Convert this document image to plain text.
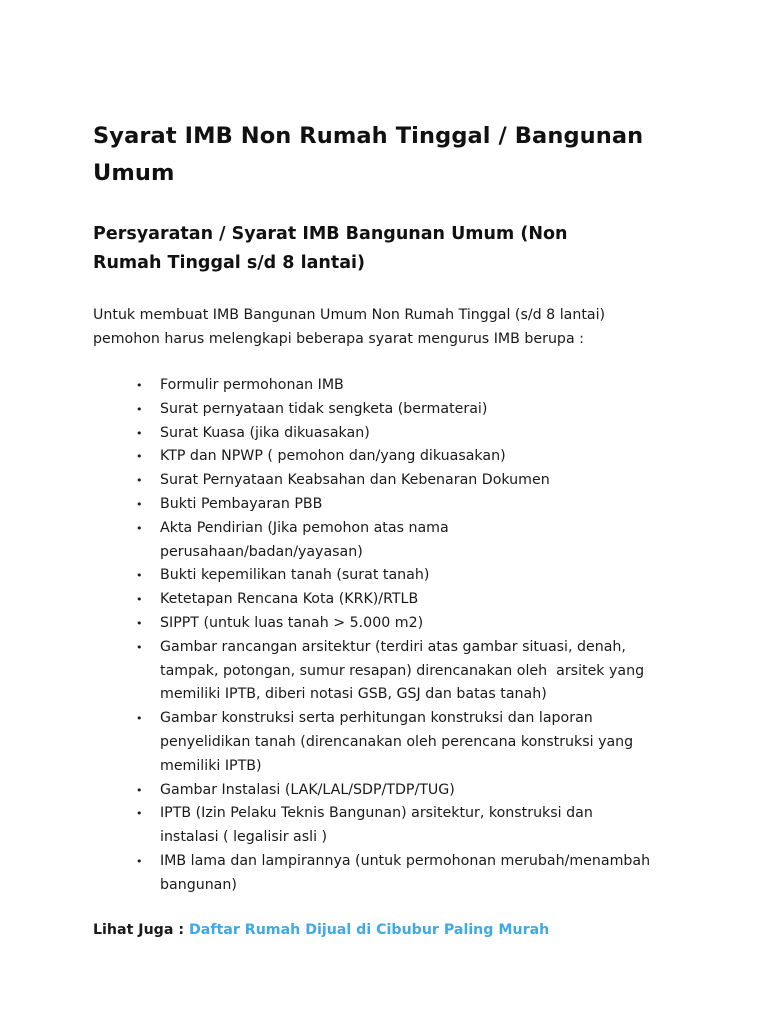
Syarat IMB Non Rumah Tinggal / Bangunan
Umum
Persyaratan / Syarat IMB Bangunan Umum (Non
Rumah Tinggal s/d 8 lantai)

Untuk membuat IMB Bangunan Umum Non Rumah Tinggal (s/d 8 lantai)
pemohon harus melengkapi beberapa syarat mengurus IMB berupa :

• Formulir permohonan IMB
• Surat pernyataan tidak sengketa (bermaterai)
• Surat Kuasa (jika dikuasakan)
• KTP dan NPWP ( pemohon dan/yang dikuasakan)
• Surat Pernyataan Keabsahan dan Kebenaran Dokumen
• Bukti Pembayaran PBB
• Akta Pendirian (Jika pemohon atas nama
perusahaan/badan/yayasan)
• Bukti kepemilikan tanah (surat tanah)
• Ketetapan Rencana Kota (KRK)/RTLB
• SIPPT (untuk luas tanah > 5.000 m2)
• Gambar rancangan arsitektur (terdiri atas gambar situasi, denah,
tampak, potongan, sumur resapan) direncanakan oleh  arsitek yang
memiliki IPTB, diberi notasi GSB, GSJ dan batas tanah)
• Gambar konstruksi serta perhitungan konstruksi dan laporan
penyelidikan tanah (direncanakan oleh perencana konstruksi yang
memiliki IPTB)
• Gambar Instalasi (LAK/LAL/SDP/TDP/TUG)
• IPTB (Izin Pelaku Teknis Bangunan) arsitektur, konstruksi dan
instalasi ( legalisir asli )
• IMB lama dan lampirannya (untuk permohonan merubah/menambah
bangunan)

Lihat Juga : Daftar Rumah Dijual di Cibubur Paling Murah
